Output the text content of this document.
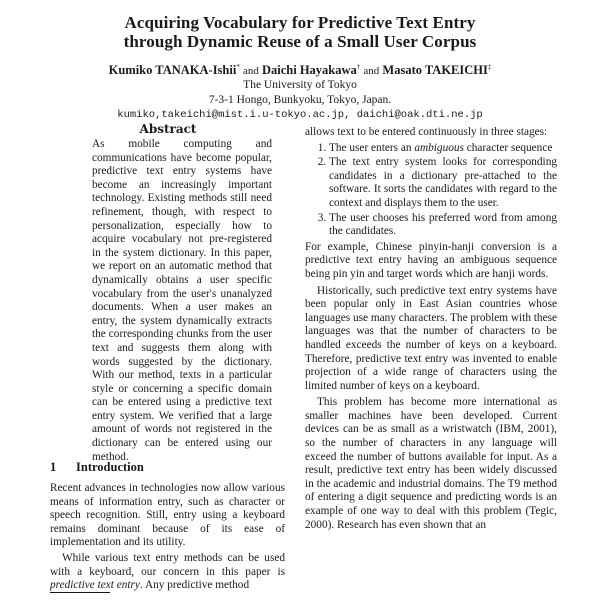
Acquiring Vocabulary for Predictive Text Entry
through Dynamic Reuse of a Small User Corpus
Kumiko TANAKA-Ishii* and Daichi Hayakawa† and Masato TAKEICHI‡
The University of Tokyo
7-3-1 Hongo, Bunkyoku, Tokyo, Japan.
kumiko,takeichi@mist.i.u-tokyo.ac.jp, daichi@oak.dti.ne.jp
Abstract
As mobile computing and communications have become popular, predictive text entry systems have become an increasingly important technology. Existing methods still need refinement, though, with respect to personalization, especially how to acquire vocabulary not pre-registered in the system dictionary. In this paper, we report on an automatic method that dynamically obtains a user specific vocabulary from the user's unanalyzed documents. When a user makes an entry, the system dynamically extracts the corresponding chunks from the user text and suggests them along with words suggested by the dictionary. With our method, texts in a particular style or concerning a specific domain can be entered using a predictive text entry system. We verified that a large amount of words not registered in the dictionary can be entered using our method.
1 Introduction

Recent advances in technologies now allow various means of information entry, such as character or speech recognition. Still, entry using a keyboard remains dominant because of its ease of implementation and its utility.

While various text entry methods can be used with a keyboard, our concern in this paper is predictive text entry. Any predictive method

allows text to be entered continuously in three stages:

1. The user enters an ambiguous character sequence
2. The text entry system looks for corresponding candidates in a dictionary pre-attached to the software. It sorts the candidates with regard to the context and displays them to the user.
3. The user chooses his preferred word from among the candidates.

For example, Chinese pinyin-hanji conversion is a predictive text entry having an ambiguous sequence being pin yin and target words which are hanji words.

Historically, such predictive text entry systems have been popular only in East Asian countries whose languages use many characters. The problem with these languages was that the number of characters to be handled exceeds the number of keys on a keyboard. Therefore, predictive text entry was invented to enable projection of a wide range of characters using the limited number of keys on a keyboard.

This problem has become more international as smaller machines have been developed. Current devices can be as small as a wristwatch (IBM, 2001), so the number of characters in any language will exceed the number of buttons available for input. As a result, predictive text entry has been widely discussed in the academic and industrial domains. The T9 method of entering a digit sequence and predicting words is an example of one way to deal with this problem (Tegic, 2000). Research has even shown that an
